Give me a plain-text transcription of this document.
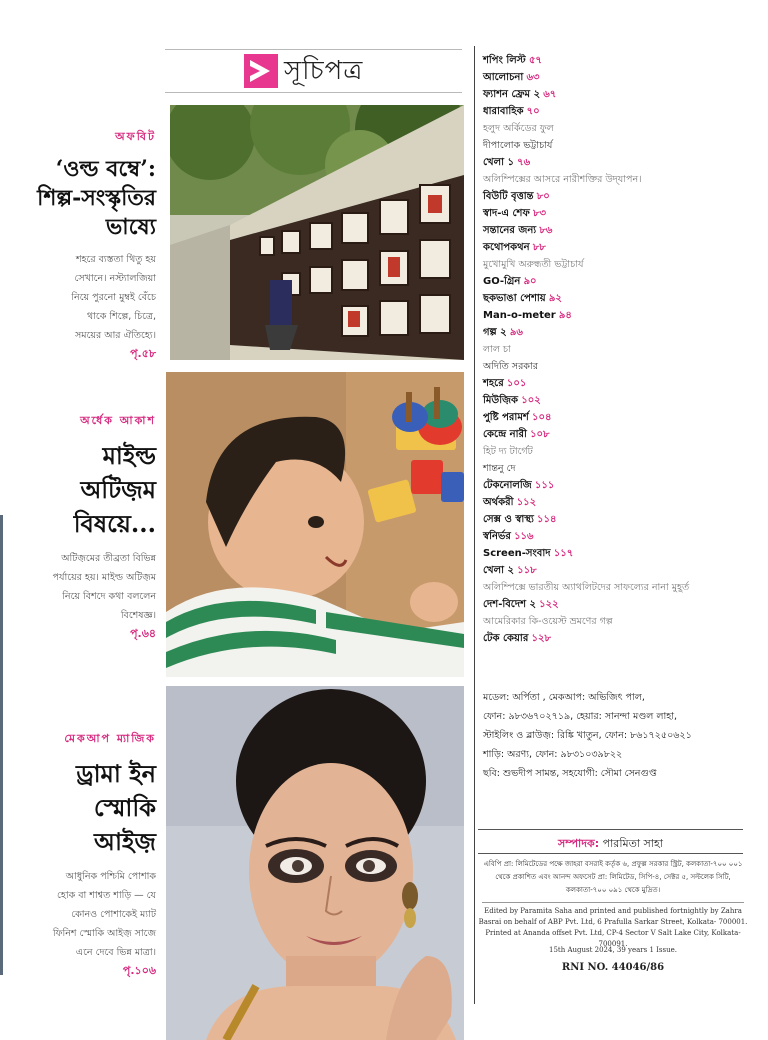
সূচিপত্র
অফবিট
‘ওল্ড বম্বে’:
শিল্প-সংস্কৃতির
ভাষ্যে
শহরে ব্যস্ততা থিতু হয়
সেখানে। নস্ট্যালজিয়া
নিয়ে পুরনো মুম্বই বেঁচে
থাকে শিল্পে, চিত্রে,
সময়ের আর ঐতিহ্যে।
পৃ.৫৮
অর্ধেক আকাশ
মাইল্ড
অটিজ়ম
বিষয়ে...
অটিজ়মের তীব্রতা বিভিন্ন
পর্যায়ের হয়। মাইল্ড অটিজ়ম
নিয়ে বিশদে কথা বললেন
বিশেষজ্ঞ।
পৃ.৬৪
মেকআপ ম্যাজিক
ড্রামা ইন
স্মোকি
আইজ়
আধুনিক পশ্চিমি পোশাক
হোক বা শাশ্বত শাড়ি — যে
কোনও পোশাকেই ম্যাট
ফিনিশ স্মোকি আইজ় সাজে
এনে দেবে ভিন্ন মাত্রা।
পৃ.১০৬
শপিং লিস্ট ৫৭
আলোচনা ৬৩
ফ্যাশন ফ্রেম ২ ৬৭
ধারাবাহিক ৭০
হলুদ অর্কিডের ফুল
দীপালোক ভট্টাচার্য
খেলা ১ ৭৬
অলিম্পিক্সের আসরে নারীশক্তির উদ্‌যাপন।
বিউটি বৃত্তান্ত ৮০
স্বাদ-এ শেফ ৮৩
সন্তানের জন্য ৮৬
কথোপকথন ৮৮
মুখোমুখি অরুন্ধতী ভট্টাচার্য
GO-গ্রিন ৯০
ছকভাঙা পেশায় ৯২
Man-o-meter ৯৪
গল্প ২ ৯৬
লাল চা
অদিতি সরকার
শহরে ১০১
মিউজ়িক ১০২
পুষ্টি পরামর্শ ১০৪
কেন্দ্রে নারী ১০৮
হিট দ্য টার্গেট
শান্তনু দে
টেকনোলজি ১১১
অর্থকরী ১১২
সেক্স ও স্বাস্থ্য ১১৪
স্বনির্ভর ১১৬
Screen-সংবাদ ১১৭
খেলা ২ ১১৮
অলিম্পিক্সে ভারতীয় অ্যাথলিটদের সাফল্যের নানা মুহূর্ত
দেশ-বিদেশ ২ ১২২
আমেরিকার কি-ওয়েস্ট ভ্রমণের গল্প
টেক কেয়ার ১২৮
মডেল: অর্পিতা , মেকআপ: অভিজিৎ পাল,
ফোন: ৯৮৩৬৭০২৭১৯, হেয়ার: সানন্দা মণ্ডল লাহা,
স্টাইলিং ও ব্লাউজ়: রিঙ্কি খাতুন, ফোন: ৮৬১৭২৫০৬২১
শাড়ি: অরণ্য, ফোন: ৯৮৩১০৩৯৮২২
ছবি: শুভদীপ সামন্ত, সহযোগী: সৌমা সেনগুপ্ত
সম্পাদক: পারমিতা সাহা
এবিপি প্রা: লিমিটেডের পক্ষে জাহরা বসরাই কর্তৃক ৬, প্রফুল্ল সরকার স্ট্রিট, কলকাতা-৭০০ ০০১
থেকে প্রকাশিত এবং আনন্দ অফসেট প্রা: লিমিটেড, সিপি-৪, সেক্টর ৫, সল্টলেক সিটি,
কলকাতা-৭০০ ০৯১ থেকে মুদ্রিত।
Edited by Paramita Saha and printed and published fortnightly by Zahra
Basrai on behalf of ABP Pvt. Ltd, 6 Prafulla Sarkar Street, Kolkata- 700001.
Printed at Ananda offset Pvt. Ltd, CP-4 Sector V Salt Lake City, Kolkata- 700091.
15th August 2024, 39 years 1 Issue.
RNI NO. 44046/86
